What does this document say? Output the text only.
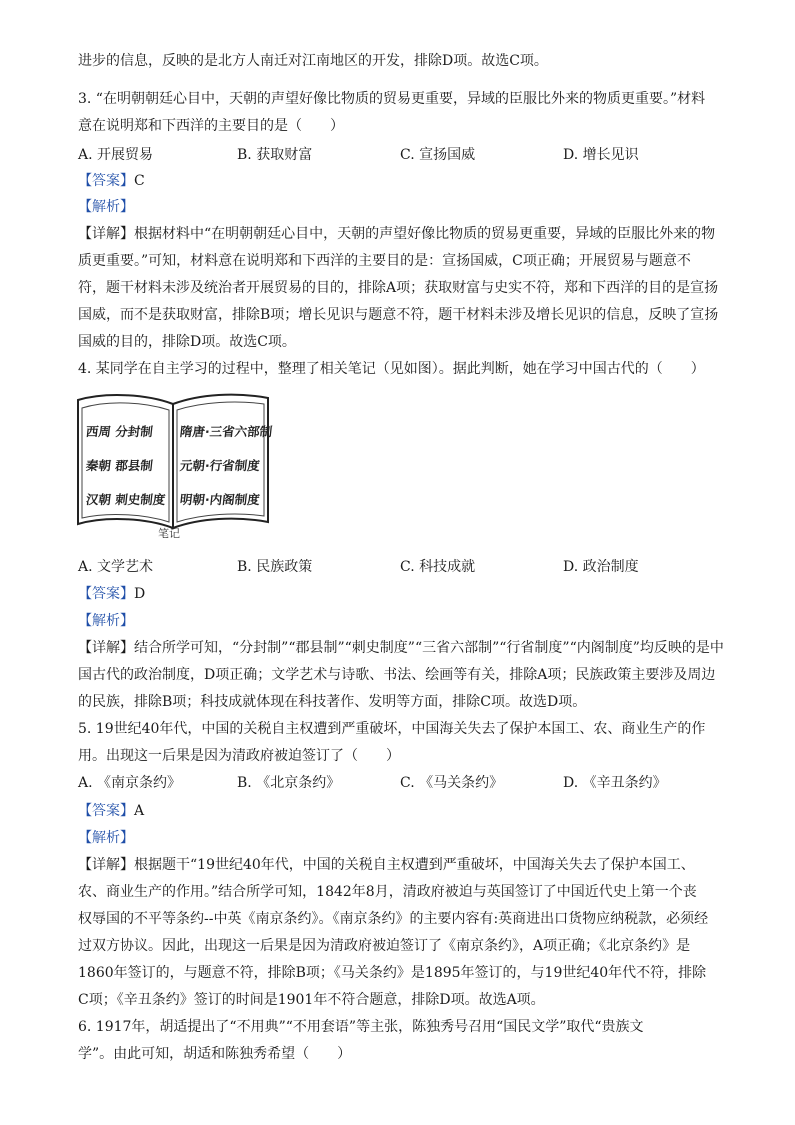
进步的信息，反映的是北方人南迁对江南地区的开发，排除D项。故选C项。
3. “在明朝朝廷心目中，天朝的声望好像比物质的贸易更重要，异域的臣服比外来的物质更重要。”材料
意在说明郑和下西洋的主要目的是（　　）
A. 开展贸易	B. 获取财富	C. 宣扬国威	D. 增长见识
【答案】C
【解析】
【详解】根据材料中“在明朝朝廷心目中，天朝的声望好像比物质的贸易更重要，异域的臣服比外来的物
质更重要。”可知，材料意在说明郑和下西洋的主要目的是：宣扬国威，C项正确；开展贸易与题意不
符，题干材料未涉及统治者开展贸易的目的，排除A项；获取财富与史实不符，郑和下西洋的目的是宣扬
国威，而不是获取财富，排除B项；增长见识与题意不符，题干材料未涉及增长见识的信息，反映了宣扬
国威的目的，排除D项。故选C项。
4. 某同学在自主学习的过程中，整理了相关笔记（见如图）。据此判断，她在学习中国古代的（　　）
西周 分封制
秦朝 郡县制
汉朝 刺史制度
隋唐·三省六部制
元朝·行省制度
明朝·内阁制度
笔记
A. 文学艺术	B. 民族政策	C. 科技成就	D. 政治制度
【答案】D
【解析】
【详解】结合所学可知，“分封制”“郡县制”“刺史制度”“三省六部制”“行省制度”“内阁制度”均反映的是中
国古代的政治制度，D项正确；文学艺术与诗歌、书法、绘画等有关，排除A项；民族政策主要涉及周边
的民族，排除B项；科技成就体现在科技著作、发明等方面，排除C项。故选D项。
5. 19世纪40年代，中国的关税自主权遭到严重破坏，中国海关失去了保护本国工、农、商业生产的作
用。出现这一后果是因为清政府被迫签订了（　　）
A. 《南京条约》	B. 《北京条约》	C. 《马关条约》	D. 《辛丑条约》
【答案】A
【解析】
【详解】根据题干“19世纪40年代，中国的关税自主权遭到严重破坏，中国海关失去了保护本国工、
农、商业生产的作用。”结合所学可知，1842年8月，清政府被迫与英国签订了中国近代史上第一个丧
权辱国的不平等条约--中英《南京条约》。《南京条约》的主要内容有:英商进出口货物应纳税款，必须经
过双方协议。因此，出现这一后果是因为清政府被迫签订了《南京条约》，A项正确；《北京条约》是
1860年签订的，与题意不符，排除B项；《马关条约》是1895年签订的，与19世纪40年代不符，排除
C项；《辛丑条约》签订的时间是1901年不符合题意，排除D项。故选A项。
6. 1917年，胡适提出了“不用典”“不用套语”等主张，陈独秀号召用“国民文学”取代“贵族文
学”。由此可知，胡适和陈独秀希望（　　）
